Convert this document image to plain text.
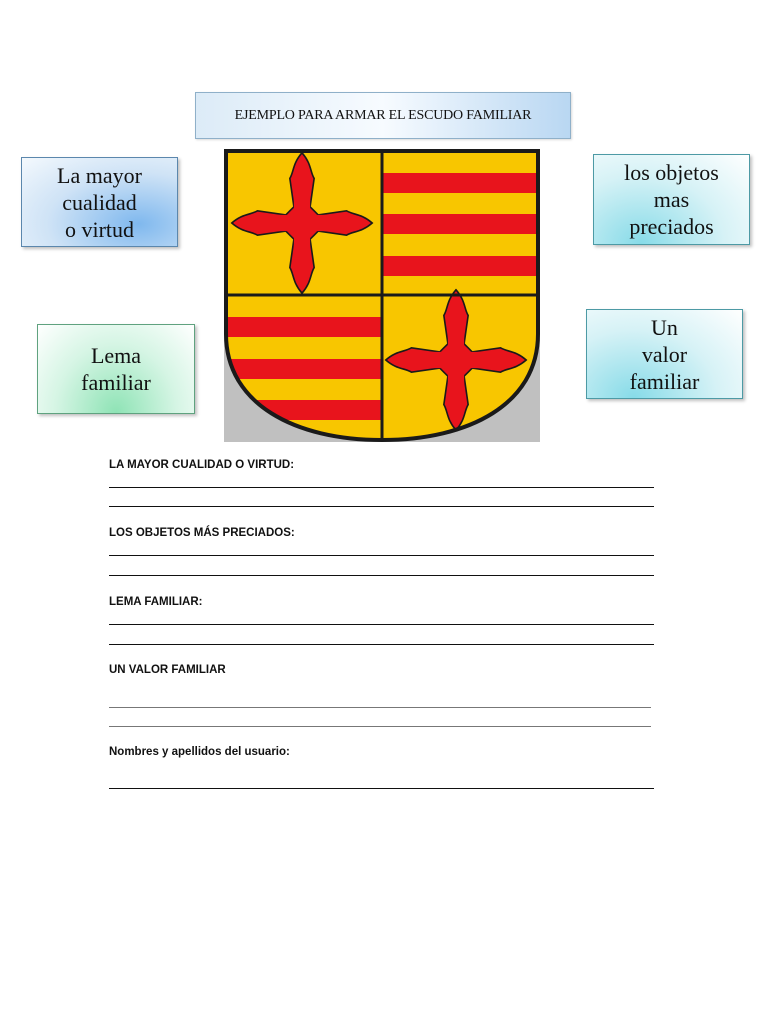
EJEMPLO PARA ARMAR EL ESCUDO FAMILIAR
La mayor
cualidad
o virtud
los objetos
mas
preciados
Lema
familiar
Un
valor
familiar
LA MAYOR CUALIDAD O VIRTUD:
LOS OBJETOS MÁS PRECIADOS:
LEMA FAMILIAR:
UN VALOR FAMILIAR
Nombres y apellidos del usuario:
